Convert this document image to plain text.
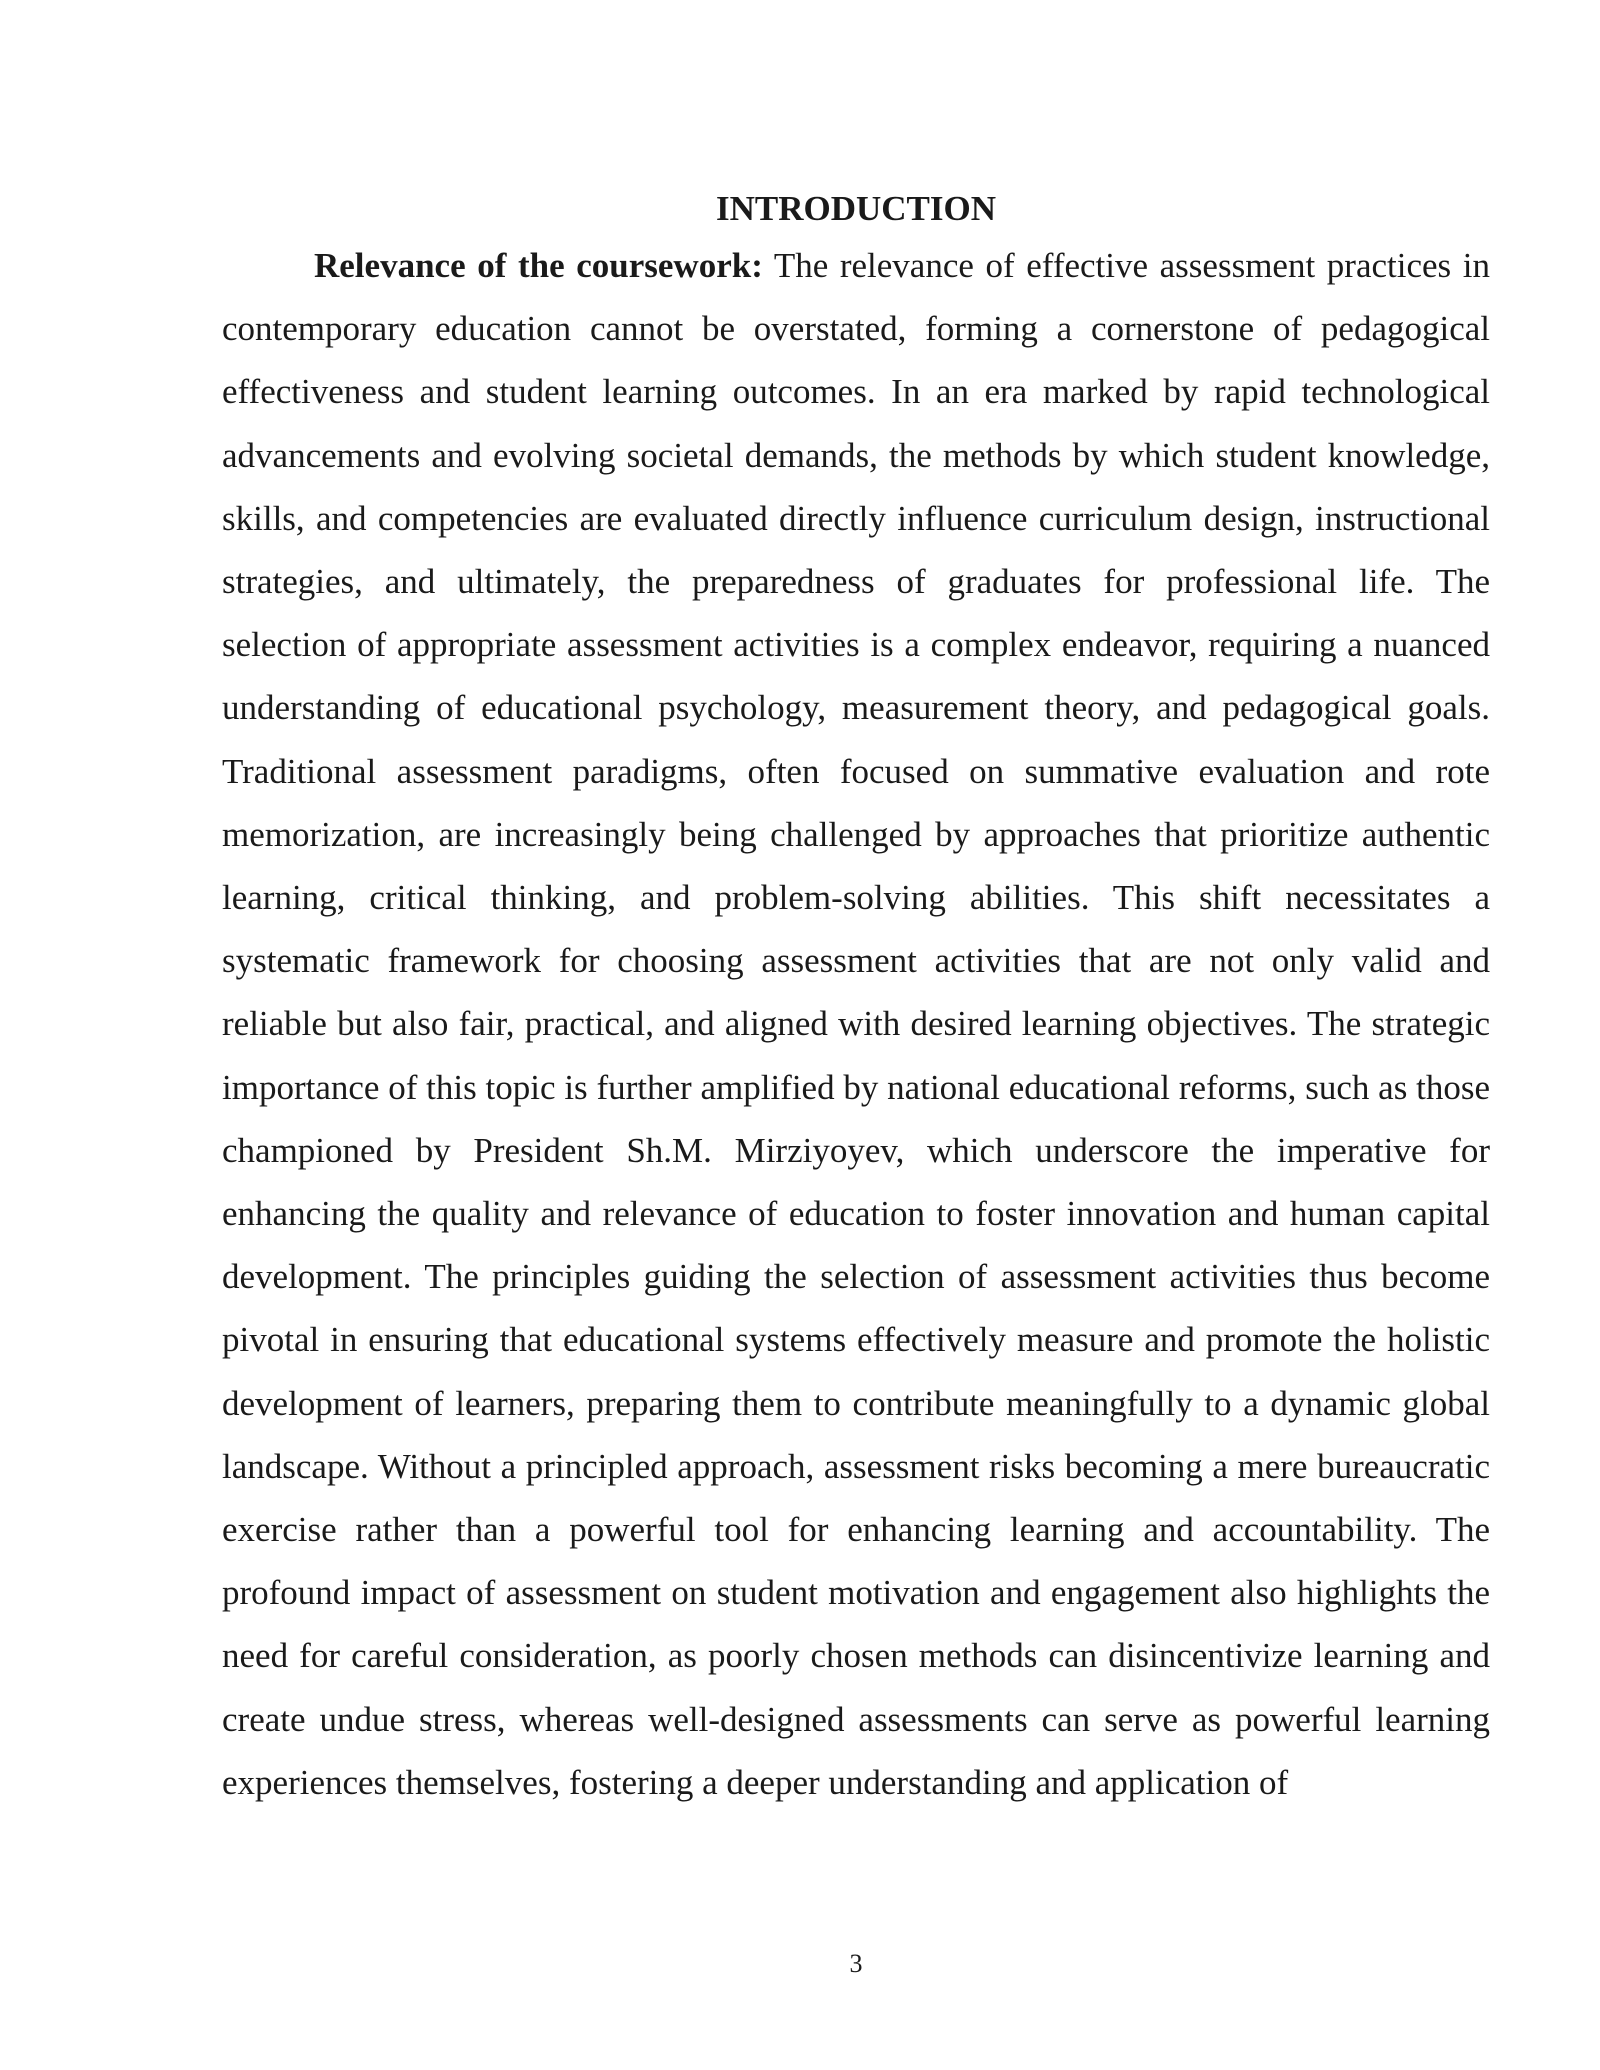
INTRODUCTION

Relevance of the coursework: The relevance of effective assessment practices in contemporary education cannot be overstated, forming a cornerstone of pedagogical effectiveness and student learning outcomes. In an era marked by rapid technological advancements and evolving societal demands, the methods by which student knowledge, skills, and competencies are evaluated directly influence curriculum design, instructional strategies, and ultimately, the preparedness of graduates for professional life. The selection of appropriate assessment activities is a complex endeavor, requiring a nuanced understanding of educational psychology, measurement theory, and pedagogical goals. Traditional assessment paradigms, often focused on summative evaluation and rote memorization, are increasingly being challenged by approaches that prioritize authentic learning, critical thinking, and problem-solving abilities. This shift necessitates a systematic framework for choosing assessment activities that are not only valid and reliable but also fair, practical, and aligned with desired learning objectives. The strategic importance of this topic is further amplified by national educational reforms, such as those championed by President Sh.M. Mirziyoyev, which underscore the imperative for enhancing the quality and relevance of education to foster innovation and human capital development. The principles guiding the selection of assessment activities thus become pivotal in ensuring that educational systems effectively measure and promote the holistic development of learners, preparing them to contribute meaningfully to a dynamic global landscape. Without a principled approach, assessment risks becoming a mere bureaucratic exercise rather than a powerful tool for enhancing learning and accountability. The profound impact of assessment on student motivation and engagement also highlights the need for careful consideration, as poorly chosen methods can disincentivize learning and create undue stress, whereas well-designed assessments can serve as powerful learning experiences themselves, fostering a deeper understanding and application of

3
